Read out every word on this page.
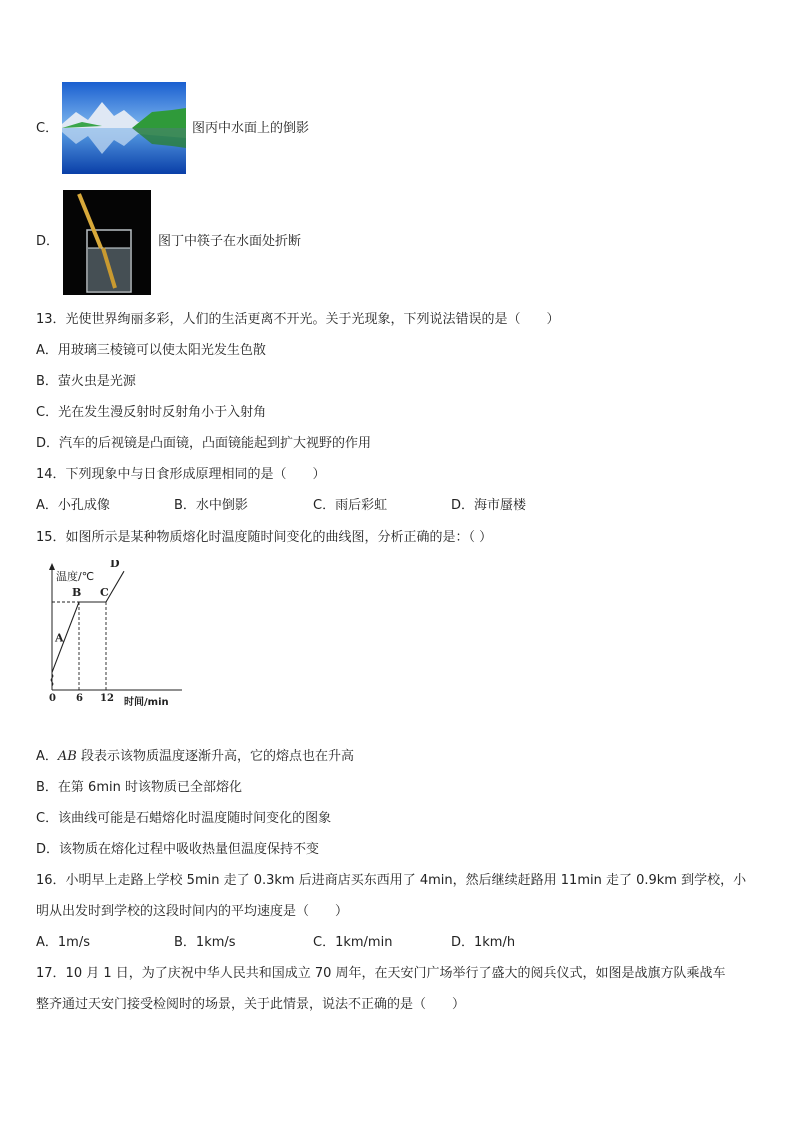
C．	图丙中水面上的倒影
D．	图丁中筷子在水面处折断
13．光使世界绚丽多彩，人们的生活更离不开光。关于光现象，下列说法错误的是（　　）
A．用玻璃三棱镜可以使太阳光发生色散
B．萤火虫是光源
C．光在发生漫反射时反射角小于入射角
D．汽车的后视镜是凸面镜，凸面镜能起到扩大视野的作用
14．下列现象中与日食形成原理相同的是（　　）
A．小孔成像	B．水中倒影	C．雨后彩虹	D．海市蜃楼
15．如图所示是某种物质熔化时温度随时间变化的曲线图，分析正确的是：（ ）
温度/℃
时间/min
0 6 12
A
B C
D
A．AB 段表示该物质温度逐渐升高，它的熔点也在升高
B．在第 6min 时该物质已全部熔化
C．该曲线可能是石蜡熔化时温度随时间变化的图象
D．该物质在熔化过程中吸收热量但温度保持不变
16．小明早上走路上学校 5min 走了 0.3km 后进商店买东西用了 4min，然后继续赶路用 11min 走了 0.9km 到学校，小
明从出发时到学校的这段时间内的平均速度是（　　）
A．1m/s	B．1km/s	C．1km/min	D．1km/h
17．10 月 1 日，为了庆祝中华人民共和国成立 70 周年，在天安门广场举行了盛大的阅兵仪式，如图是战旗方队乘战车
整齐通过天安门接受检阅时的场景，关于此情景，说法不正确的是（　　）
